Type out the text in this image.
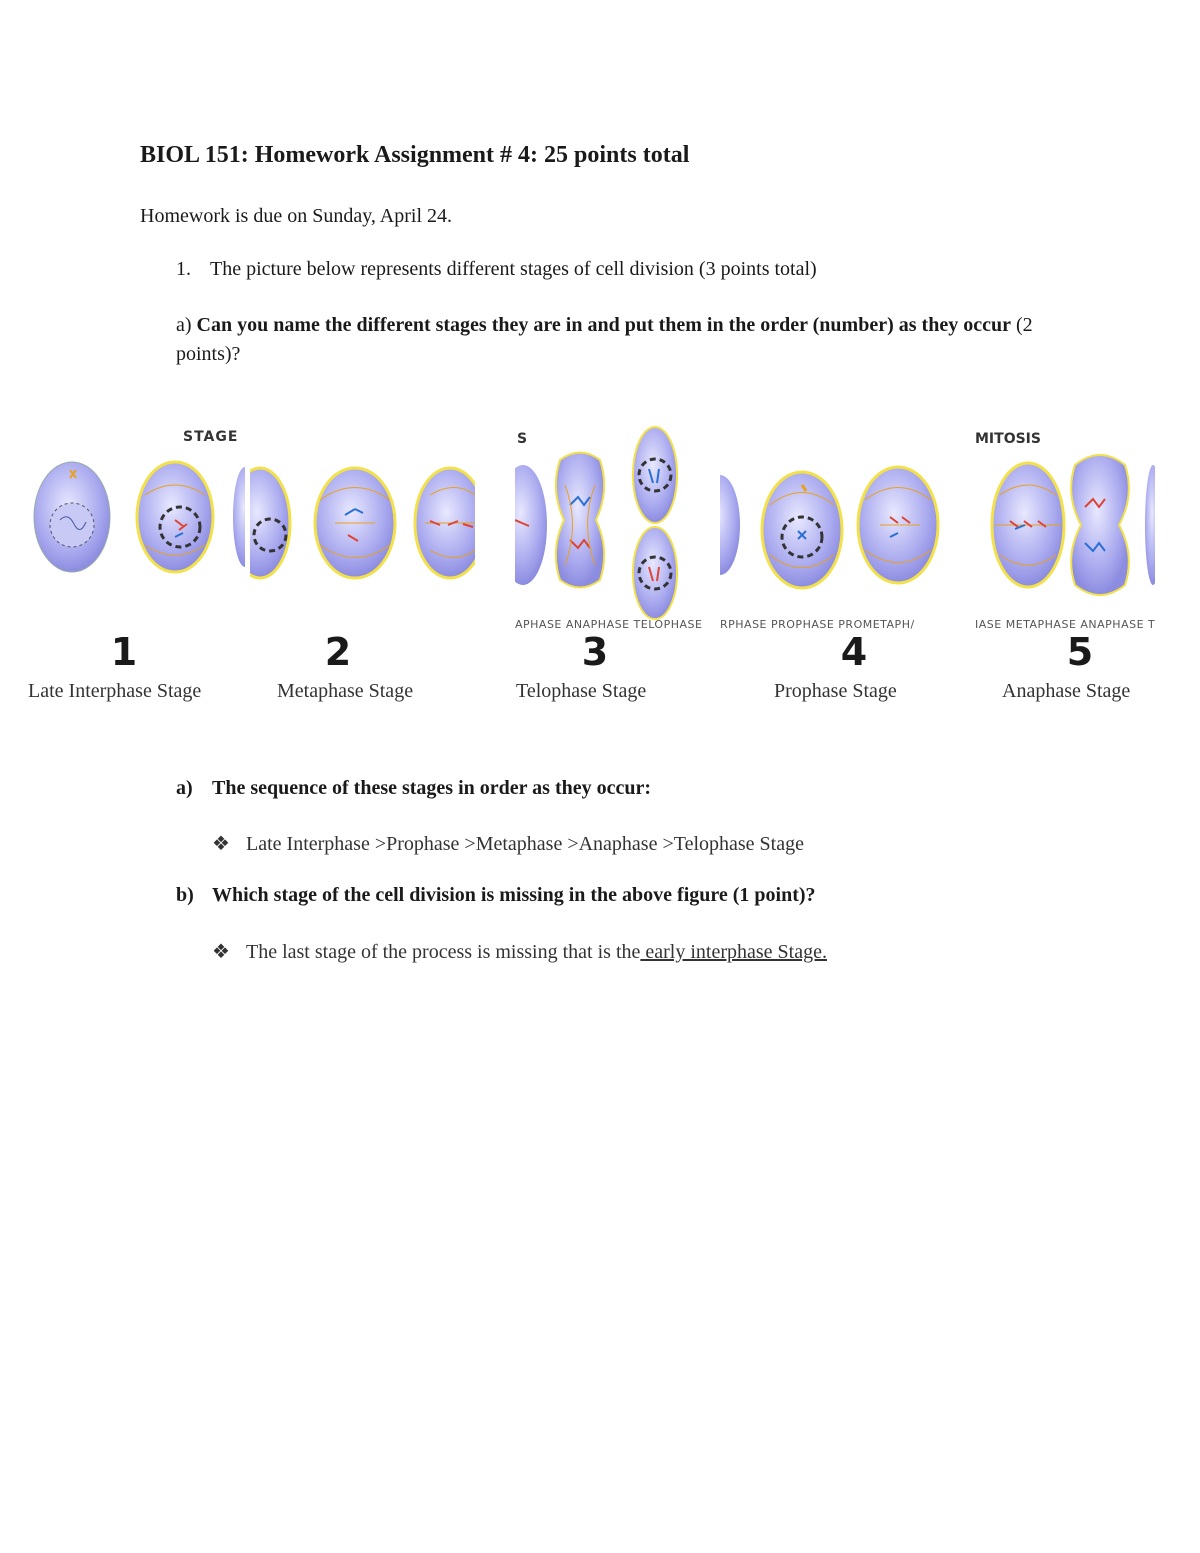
BIOL 151: Homework Assignment # 4: 25 points total
Homework is due on Sunday, April 24.
1. The picture below represents different stages of cell division (3 points total)
a) Can you name the different stages they are in and put them in the order (number) as they occur (2 points)?
STAGE	S	MITOSIS
APHASE ANAPHASE TELOPHASE RPHASE PROPHASE PROMETAPH/	IASE METAPHASE ANAPHASE T
1	2	3	4	5
Late Interphase Stage	Metaphase Stage	Telophase Stage	Prophase Stage	Anaphase Stage
a) The sequence of these stages in order as they occur:
❖ Late Interphase >Prophase >Metaphase >Anaphase >Telophase Stage
b) Which stage of the cell division is missing in the above figure (1 point)?
❖ The last stage of the process is missing that is the early interphase Stage.
